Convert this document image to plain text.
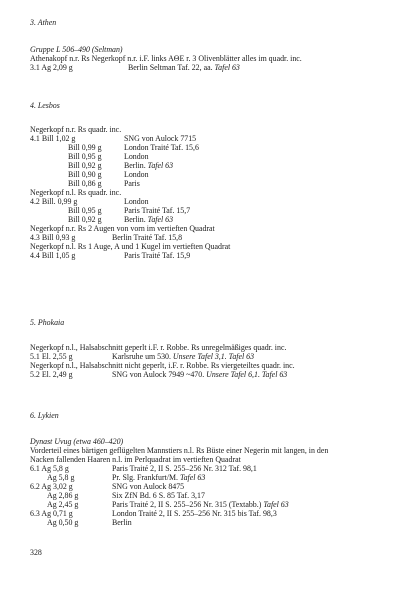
3. Athen
Gruppe L 506–490 (Seltman)
Athenakopf n.r. Rs Negerkopf n.r. i.F. links AΘE r. 3 Olivenblätter alles im quadr. inc.
3.1 Ag 2,09 g	Berlin Seltman Taf. 22, aa. Tafel 63
4. Lesbos
Negerkopf n.r. Rs quadr. inc.
4.1 Bill 1,02 g	SNG von Aulock 7715
Bill 0,99 g	London Traité Taf. 15,6
Bill 0,95 g	London
Bill 0,92 g	Berlin. Tafel 63
Bill 0,90 g	London
Bill 0,86 g	Paris
Negerkopf n.l. Rs quadr. inc.
4.2 Bill. 0,99 g	London
Bill 0,95 g	Paris Traité Taf. 15,7
Bill 0,92 g	Berlin. Tafel 63
Negerkopf n.r. Rs 2 Augen von vorn im vertieften Quadrat
4.3 Bill 0,93 g	Berlin Traité Taf. 15,8
Negerkopf n.l. Rs 1 Auge, A und 1 Kugel im vertieften Quadrat
4.4 Bill 1,05 g	Paris Traité Taf. 15,9
5. Phokaia
Negerkopf n.l., Halsabschnitt geperlt i.F. r. Robbe. Rs unregelmäßiges quadr. inc.
5.1 El. 2,55 g	Karlsruhe um 530. Unsere Tafel 3,1. Tafel 63
Negerkopf n.l., Halsabschnitt nicht geperlt, i.F. r. Robbe. Rs viergeteiltes quadr. inc.
5.2 El. 2,49 g	SNG von Aulock 7949 ~470. Unsere Tafel 6,1. Tafel 63
6. Lykien
Dynast Uvug (etwa 460–420)
Vorderteil eines bärtigen geflügelten Mannstiers n.l. Rs Büste einer Negerin mit langen, in den
Nacken fallenden Haaren n.l. im Perlquadrat im vertieften Quadrat
6.1 Ag 5,8 g	Paris Traité 2, II S. 255–256 Nr. 312 Taf. 98,1
Ag 5,8 g	Pr. Slg. Frankfurt/M. Tafel 63
6.2 Ag 3,02 g	SNG von Aulock 8475
Ag 2,86 g	Six ZfN Bd. 6 S. 85 Taf. 3,17
Ag 2,45 g	Paris Traité 2, II S. 255–256 Nr. 315 (Textabb.) Tafel 63
6.3 Ag 0,71 g	London Traité 2, II S. 255–256 Nr. 315 bis Taf. 98,3
Ag 0,50 g	Berlin
328
